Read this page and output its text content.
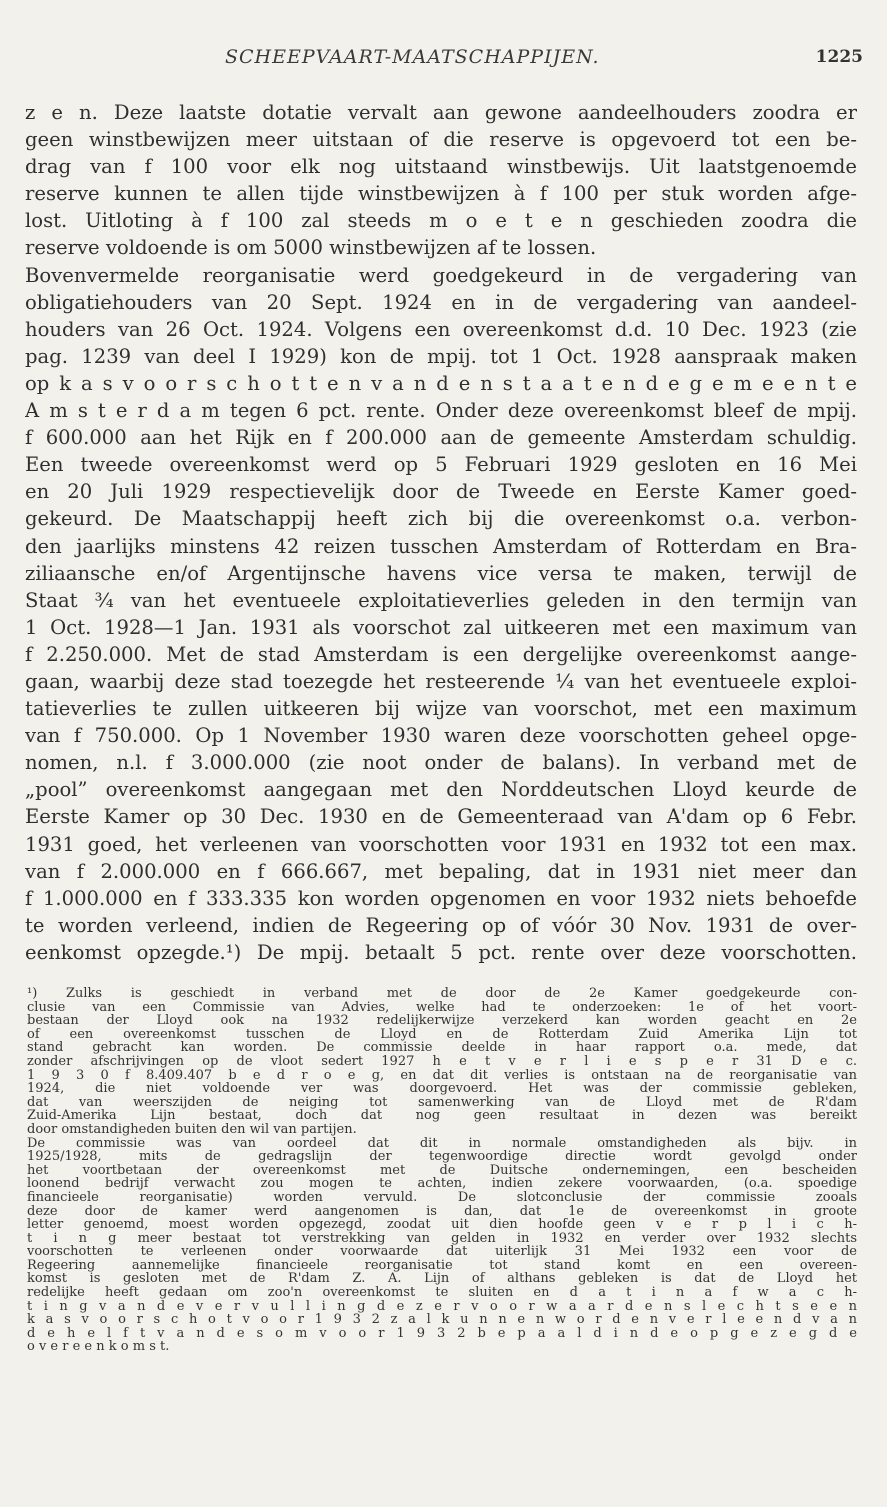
SCHEEPVAART-MAATSCHAPPIJEN.	1225
z e n. Deze laatste dotatie vervalt aan gewone aandeelhouders zoodra er
geen winstbewijzen meer uitstaan of die reserve is opgevoerd tot een be-
drag van f 100 voor elk nog uitstaand winstbewijs. Uit laatstgenoemde
reserve kunnen te allen tijde winstbewijzen à f 100 per stuk worden afge-
lost. Uitloting à f 100 zal steeds m o e t e n geschieden zoodra die
reserve voldoende is om 5000 winstbewijzen af te lossen.
Bovenvermelde reorganisatie werd goedgekeurd in de vergadering van
obligatiehouders van 20 Sept. 1924 en in de vergadering van aandeel-
houders van 26 Oct. 1924. Volgens een overeenkomst d.d. 10 Dec. 1923 (zie
pag. 1239 van deel I 1929) kon de mpij. tot 1 Oct. 1928 aanspraak maken
op k a s v o o r s c h o t t e n v a n d e n s t a a t e n d e g e m e e n t e
A m s t e r d a m tegen 6 pct. rente. Onder deze overeenkomst bleef de mpij.
f 600.000 aan het Rijk en f 200.000 aan de gemeente Amsterdam schuldig.
Een tweede overeenkomst werd op 5 Februari 1929 gesloten en 16 Mei
en 20 Juli 1929 respectievelijk door de Tweede en Eerste Kamer goed-
gekeurd. De Maatschappij heeft zich bij die overeenkomst o.a. verbon-
den jaarlijks minstens 42 reizen tusschen Amsterdam of Rotterdam en Bra-
ziliaansche en/of Argentijnsche havens vice versa te maken, terwijl de
Staat ¾ van het eventueele exploitatieverlies geleden in den termijn van
1 Oct. 1928—1 Jan. 1931 als voorschot zal uitkeeren met een maximum van
f 2.250.000. Met de stad Amsterdam is een dergelijke overeenkomst aange-
gaan, waarbij deze stad toezegde het resteerende ¼ van het eventueele exploi-
tatieverlies te zullen uitkeeren bij wijze van voorschot, met een maximum
van f 750.000. Op 1 November 1930 waren deze voorschotten geheel opge-
nomen, n.l. f 3.000.000 (zie noot onder de balans). In verband met de
„pool” overeenkomst aangegaan met den Norddeutschen Lloyd keurde de
Eerste Kamer op 30 Dec. 1930 en de Gemeenteraad van A'dam op 6 Febr.
1931 goed, het verleenen van voorschotten voor 1931 en 1932 tot een max.
van f 2.000.000 en f 666.667, met bepaling, dat in 1931 niet meer dan
f 1.000.000 en f 333.335 kon worden opgenomen en voor 1932 niets behoefde
te worden verleend, indien de Regeering op of vóór 30 Nov. 1931 de over-
eenkomst opzegde.¹) De mpij. betaalt 5 pct. rente over deze voorschotten.
¹) Zulks is geschiedt in verband met de door de 2e Kamer goedgekeurde con-
clusie van een Commissie van Advies, welke had te onderzoeken: 1e of het voort-
bestaan der Lloyd ook na 1932 redelijkerwijze verzekerd kan worden geacht en 2e
of een overeenkomst tusschen de Lloyd en de Rotterdam Zuid Amerika Lijn tot
stand gebracht kan worden. De commissie deelde in haar rapport o.a. mede, dat
zonder afschrijvingen op de vloot sedert 1927 h e t v e r l i e s p e r 31 D e c.
1 9 3 0 f 8.409.407 b e d r o e g, en dat dit verlies is ontstaan na de reorganisatie van
1924, die niet voldoende ver was doorgevoerd. Het was der commissie gebleken,
dat van weerszijden de neiging tot samenwerking van de Lloyd met de R'dam
Zuid-Amerika Lijn bestaat, doch dat nog geen resultaat in dezen was bereikt
door omstandigheden buiten den wil van partijen.
De commissie was van oordeel dat dit in normale omstandigheden als bijv. in
1925/1928, mits de gedragslijn der tegenwoordige directie wordt gevolgd onder
het voortbetaan der overeenkomst met de Duitsche ondernemingen, een bescheiden
loonend bedrijf verwacht zou mogen te achten, indien zekere voorwaarden, (o.a. spoedige
financieele reorganisatie) worden vervuld. De slotconclusie der commissie zooals
deze door de kamer werd aangenomen is dan, dat 1e de overeenkomst in groote
letter genoemd, moest worden opgezegd, zoodat uit dien hoofde geen v e r p l i c h-
t i n g meer bestaat tot verstrekking van gelden in 1932 en verder over 1932 slechts
voorschotten te verleenen onder voorwaarde dat uiterlijk 31 Mei 1932 een voor de
Regeering aannemelijke financieele reorganisatie tot stand komt en een overeen-
komst is gesloten met de R'dam Z. A. Lijn of althans gebleken is dat de Lloyd het
redelijke heeft gedaan om zoo'n overeenkomst te sluiten en d a t i n a f w a c h-
t i n g v a n d e v e r v u l l i n g d e z e r v o o r w a a r d e n s l e c h t s e e n
k a s v o o r s c h o t v o o r 1 9 3 2 z a l k u n n e n w o r d e n v e r l e e n d v a n
d e h e l f t v a n d e s o m v o o r 1 9 3 2 b e p a a l d i n d e o p g e z e g d e
o v e r e e n k o m s t.
